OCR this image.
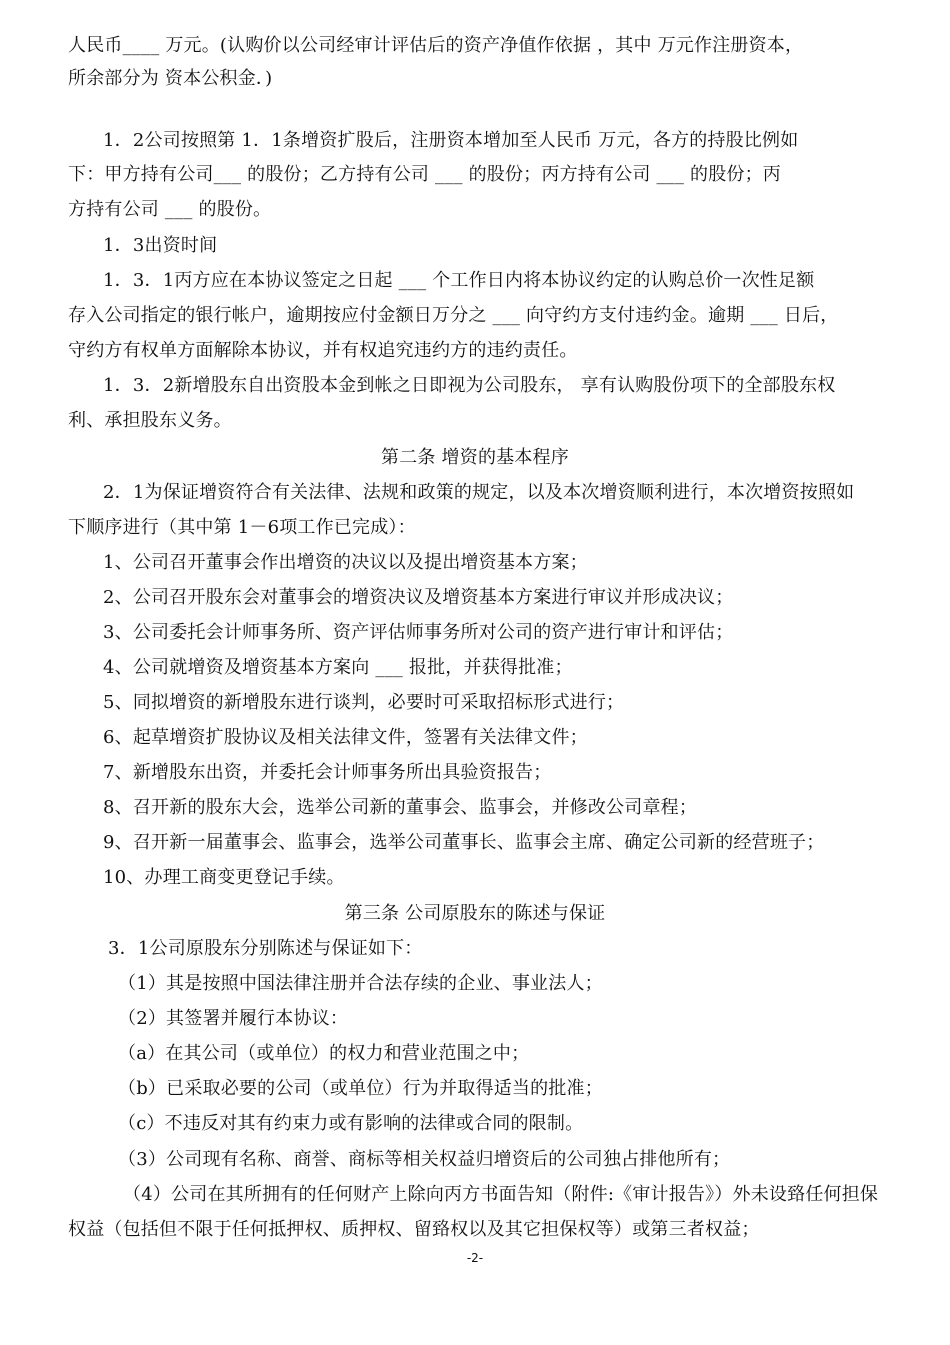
人民币____ 万元。(认购价以公司经审计评估后的资产净值作依据 ，其中 万元作注册资本，
所余部分为 资本公积金．)
1．2公司按照第 1．1条增资扩股后，注册资本增加至人民币 万元，各方的持股比例如
下：甲方持有公司___ 的股份；乙方持有公司 ___ 的股份；丙方持有公司 ___ 的股份；丙
方持有公司 ___ 的股份。
1．3出资时间
1．3．1丙方应在本协议签定之日起 ___ 个工作日内将本协议约定的认购总价一次性足额
存入公司指定的银行帐户，逾期按应付金额日万分之 ___ 向守约方支付违约金。逾期 ___ 日后，
守约方有权单方面解除本协议，并有权追究违约方的违约责任。
1．3．2新增股东自出资股本金到帐之日即视为公司股东， 享有认购股份项下的全部股东权
利、承担股东义务。
第二条 增资的基本程序
2．1为保证增资符合有关法律、法规和政策的规定，以及本次增资顺利进行，本次增资按照如
下顺序进行（其中第 1－6项工作已完成）：
1、公司召开董事会作出增资的决议以及提出增资基本方案；
2、公司召开股东会对董事会的增资决议及增资基本方案进行审议并形成决议；
3、公司委托会计师事务所、资产评估师事务所对公司的资产进行审计和评估；
4、公司就增资及增资基本方案向 ___ 报批，并获得批准；
5、同拟增资的新增股东进行谈判，必要时可采取招标形式进行；
6、起草增资扩股协议及相关法律文件，签署有关法律文件；
7、新增股东出资，并委托会计师事务所出具验资报告；
8、召开新的股东大会，选举公司新的董事会、监事会，并修改公司章程；
9、召开新一届董事会、监事会，选举公司董事长、监事会主席、确定公司新的经营班子；
10、办理工商变更登记手续。
第三条 公司原股东的陈述与保证
3．1公司原股东分别陈述与保证如下：
（1）其是按照中国法律注册并合法存续的企业、事业法人；
（2）其签署并履行本协议：
（a）在其公司（或单位）的权力和营业范围之中；
（b）已采取必要的公司（或单位）行为并取得适当的批准；
（c）不违反对其有约束力或有影响的法律或合同的限制。
（3）公司现有名称、商誉、商标等相关权益归增资后的公司独占排他所有；
（4）公司在其所拥有的任何财产上除向丙方书面告知（附件:《审计报告》）外未设臵任何担保
权益（包括但不限于任何抵押权、质押权、留臵权以及其它担保权等）或第三者权益；
-2-
